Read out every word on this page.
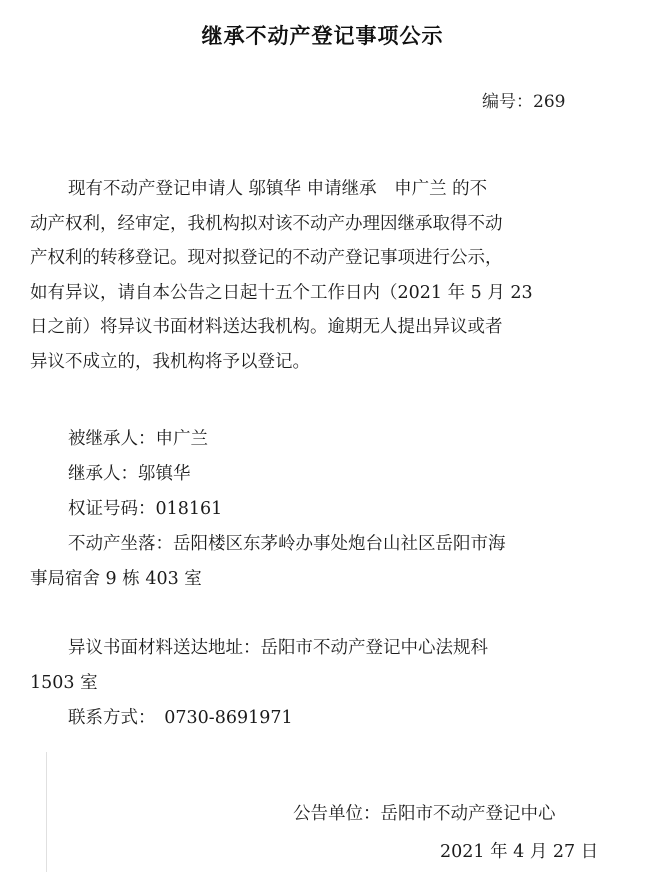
继承不动产登记事项公示
编号：269
现有不动产登记申请人 邬镇华 申请继承　申广兰 的不
动产权利，经审定，我机构拟对该不动产办理因继承取得不动
产权利的转移登记。现对拟登记的不动产登记事项进行公示，
如有异议，请自本公告之日起十五个工作日内（2021 年 5 月 23
日之前）将异议书面材料送达我机构。逾期无人提出异议或者
异议不成立的，我机构将予以登记。
被继承人：申广兰
继承人：邬镇华
权证号码：018161
不动产坐落：岳阳楼区东茅岭办事处炮台山社区岳阳市海
事局宿舍 9 栋 403 室
异议书面材料送达地址：岳阳市不动产登记中心法规科
1503 室
联系方式：　0730-8691971
公告单位：岳阳市不动产登记中心
2021 年 4 月 27 日
